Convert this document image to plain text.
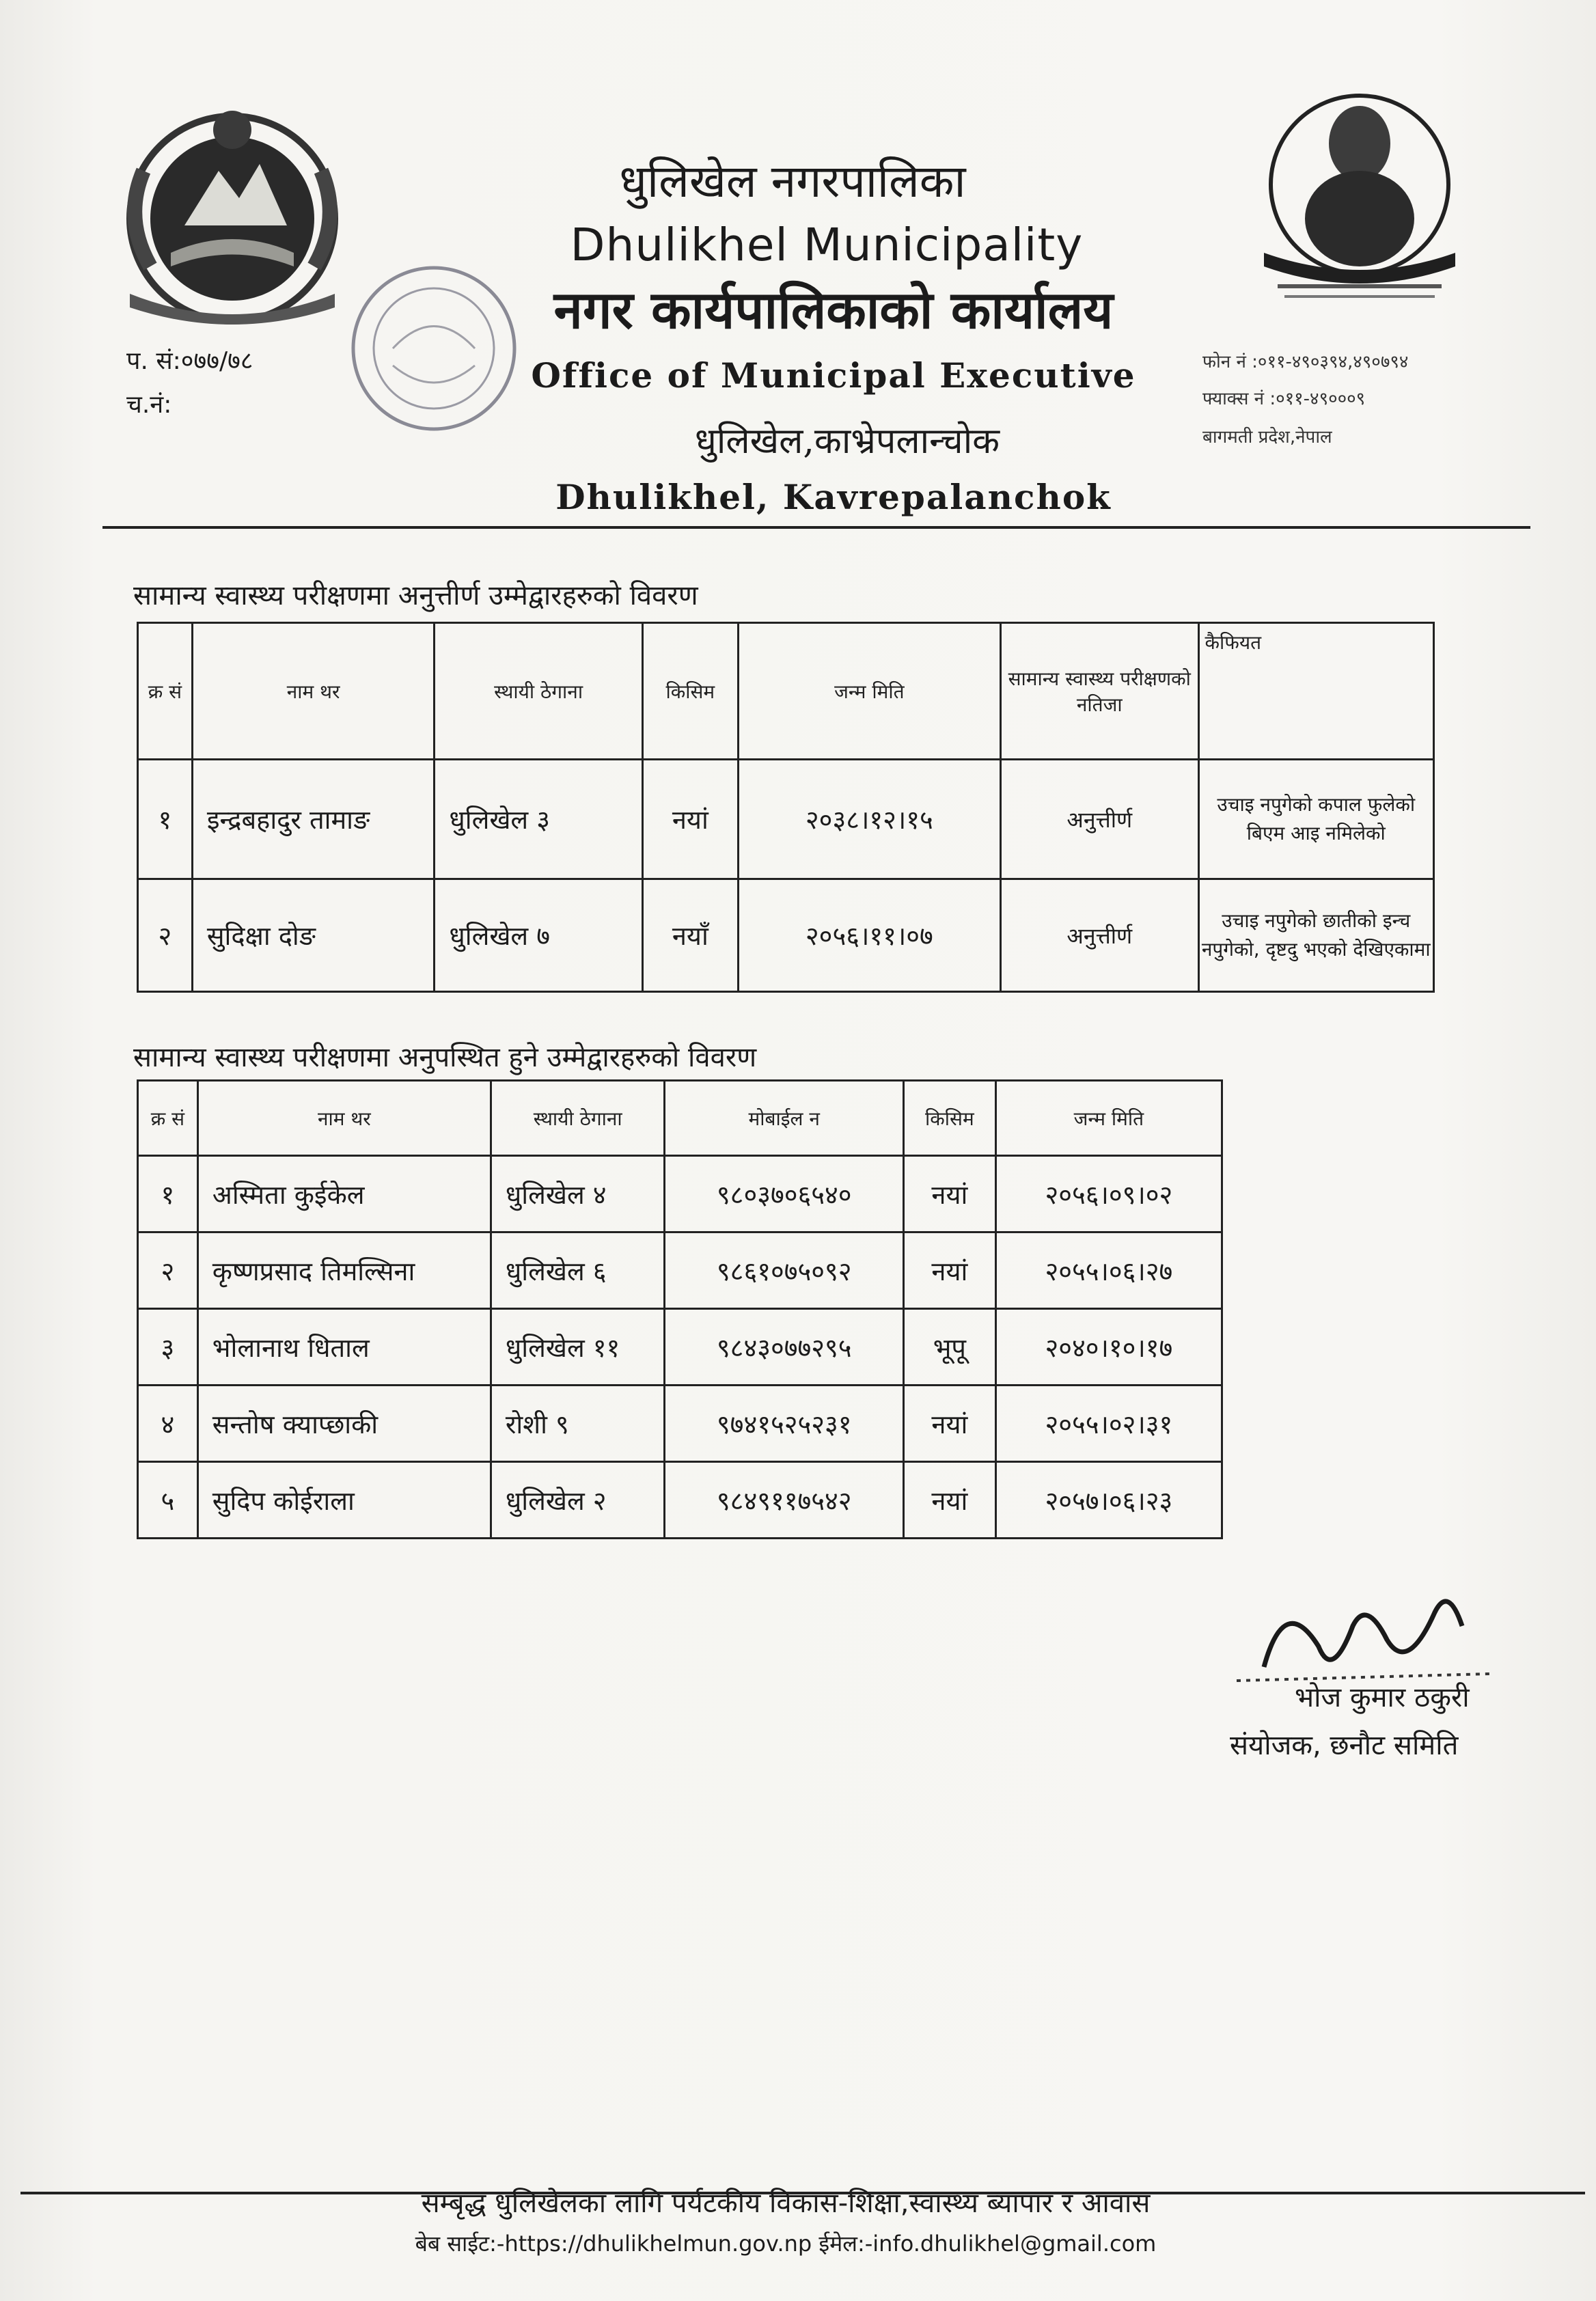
धुलिखेल नगरपालिका
Dhulikhel Municipality
नगर कार्यपालिकाको कार्यालय
Office of Municipal Executive
धुलिखेल,काभ्रेपलान्चोक
Dhulikhel, Kavrepalanchok
प. सं:०७७/७८
च.नं:
फोन नं :०११-४९०३९४,४९०७९४
फ्याक्स नं :०११-४९०००९
बागमती प्रदेश,नेपाल
सामान्य स्वास्थ्य परीक्षणमा अनुत्तीर्ण उम्मेद्वारहरुको विवरण
क्र सं	नाम थर	स्थायी ठेगाना	किसिम	जन्म मिति	सामान्य स्वास्थ्य परीक्षणको नतिजा	कैफियत
१	इन्द्रबहादुर तामाङ	धुलिखेल ३	नयां	२०३८।१२।१५	अनुत्तीर्ण	उचाइ नपुगेको कपाल फुलेको बिएम आइ नमिलेको
२	सुदिक्षा दोङ	धुलिखेल ७	नयाँ	२०५६।११।०७	अनुत्तीर्ण	उचाइ नपुगेको छातीको इन्च नपुगेको, दृष्टदु भएको देखिएकामा
सामान्य स्वास्थ्य परीक्षणमा अनुपस्थित हुने उम्मेद्वारहरुको विवरण
क्र सं	नाम थर	स्थायी ठेगाना	मोबाईल न	किसिम	जन्म मिति
१	अस्मिता कुईकेल	धुलिखेल ४	९८०३७०६५४०	नयां	२०५६।०९।०२
२	कृष्णप्रसाद तिमल्सिना	धुलिखेल ६	९८६१०७५०९२	नयां	२०५५।०६।२७
३	भोलानाथ धिताल	धुलिखेल ११	९८४३०७७२९५	भूपू	२०४०।१०।१७
४	सन्तोष क्याप्छाकी	रोशी ९	९७४१५२५२३१	नयां	२०५५।०२।३१
५	सुदिप कोईराला	धुलिखेल २	९८४९११७५४२	नयां	२०५७।०६।२३
भोज कुमार ठकुरी
संयोजक, छनौट समिति
सम्बृद्ध धुलिखेलका लागि पर्यटकीय विकास-शिक्षा,स्वास्थ्य ब्यापार र आवास
बेब साईट:-https://dhulikhelmun.gov.np ईमेल:-info.dhulikhel@gmail.com
